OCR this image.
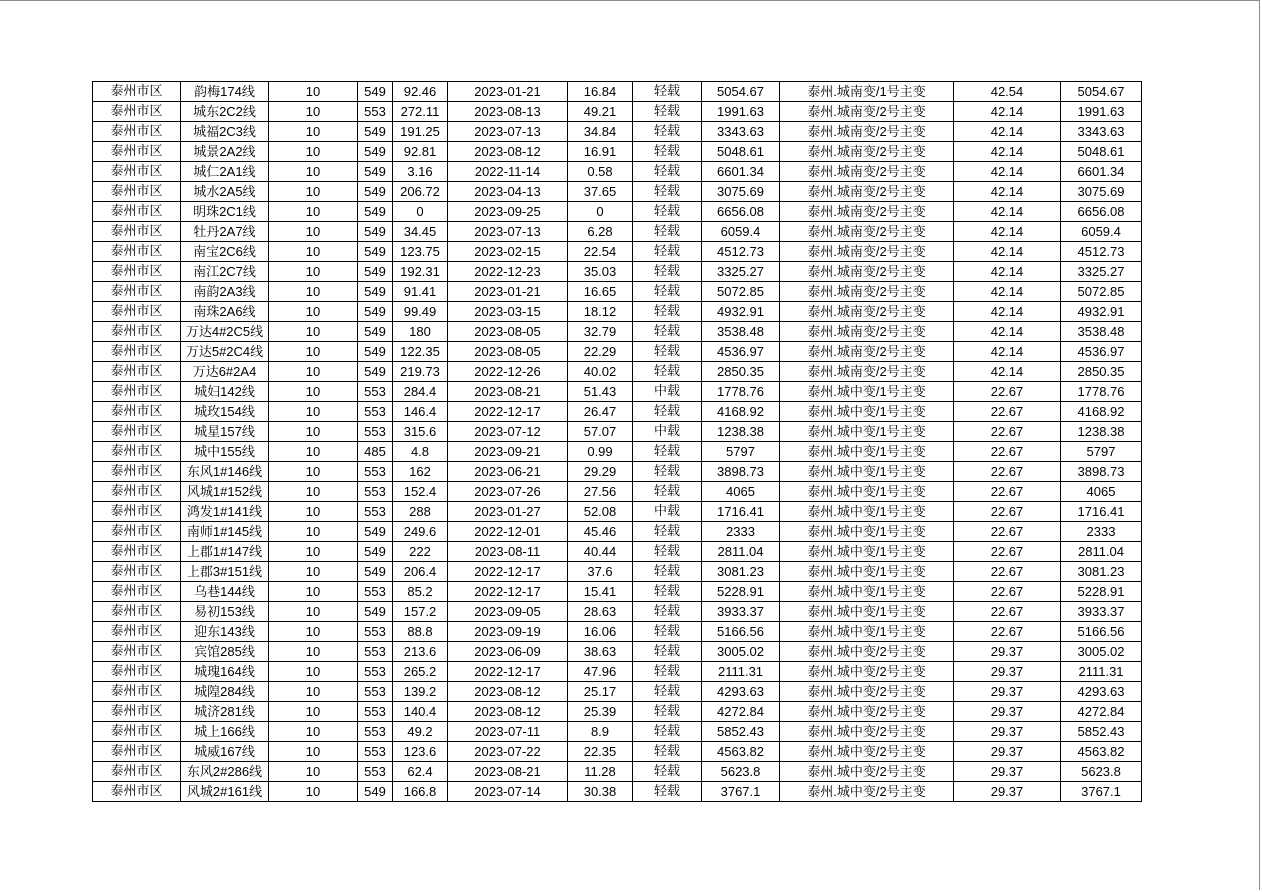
泰州市区	韵梅174线	10	549	92.46	2023-01-21	16.84	轻载	5054.67	泰州.城南变/1号主变	42.54	5054.67
泰州市区	城东2C2线	10	553	272.11	2023-08-13	49.21	轻载	1991.63	泰州.城南变/2号主变	42.14	1991.63
泰州市区	城福2C3线	10	549	191.25	2023-07-13	34.84	轻载	3343.63	泰州.城南变/2号主变	42.14	3343.63
泰州市区	城景2A2线	10	549	92.81	2023-08-12	16.91	轻载	5048.61	泰州.城南变/2号主变	42.14	5048.61
泰州市区	城仁2A1线	10	549	3.16	2022-11-14	0.58	轻载	6601.34	泰州.城南变/2号主变	42.14	6601.34
泰州市区	城水2A5线	10	549	206.72	2023-04-13	37.65	轻载	3075.69	泰州.城南变/2号主变	42.14	3075.69
泰州市区	明珠2C1线	10	549	0	2023-09-25	0	轻载	6656.08	泰州.城南变/2号主变	42.14	6656.08
泰州市区	牡丹2A7线	10	549	34.45	2023-07-13	6.28	轻载	6059.4	泰州.城南变/2号主变	42.14	6059.4
泰州市区	南宝2C6线	10	549	123.75	2023-02-15	22.54	轻载	4512.73	泰州.城南变/2号主变	42.14	4512.73
泰州市区	南江2C7线	10	549	192.31	2022-12-23	35.03	轻载	3325.27	泰州.城南变/2号主变	42.14	3325.27
泰州市区	南韵2A3线	10	549	91.41	2023-01-21	16.65	轻载	5072.85	泰州.城南变/2号主变	42.14	5072.85
泰州市区	南珠2A6线	10	549	99.49	2023-03-15	18.12	轻载	4932.91	泰州.城南变/2号主变	42.14	4932.91
泰州市区	万达4#2C5线	10	549	180	2023-08-05	32.79	轻载	3538.48	泰州.城南变/2号主变	42.14	3538.48
泰州市区	万达5#2C4线	10	549	122.35	2023-08-05	22.29	轻载	4536.97	泰州.城南变/2号主变	42.14	4536.97
泰州市区	万达6#2A4	10	549	219.73	2022-12-26	40.02	轻载	2850.35	泰州.城南变/2号主变	42.14	2850.35
泰州市区	城妇142线	10	553	284.4	2023-08-21	51.43	中载	1778.76	泰州.城中变/1号主变	22.67	1778.76
泰州市区	城玫154线	10	553	146.4	2022-12-17	26.47	轻载	4168.92	泰州.城中变/1号主变	22.67	4168.92
泰州市区	城星157线	10	553	315.6	2023-07-12	57.07	中载	1238.38	泰州.城中变/1号主变	22.67	1238.38
泰州市区	城中155线	10	485	4.8	2023-09-21	0.99	轻载	5797	泰州.城中变/1号主变	22.67	5797
泰州市区	东风1#146线	10	553	162	2023-06-21	29.29	轻载	3898.73	泰州.城中变/1号主变	22.67	3898.73
泰州市区	风城1#152线	10	553	152.4	2023-07-26	27.56	轻载	4065	泰州.城中变/1号主变	22.67	4065
泰州市区	鸿发1#141线	10	553	288	2023-01-27	52.08	中载	1716.41	泰州.城中变/1号主变	22.67	1716.41
泰州市区	南师1#145线	10	549	249.6	2022-12-01	45.46	轻载	2333	泰州.城中变/1号主变	22.67	2333
泰州市区	上郡1#147线	10	549	222	2023-08-11	40.44	轻载	2811.04	泰州.城中变/1号主变	22.67	2811.04
泰州市区	上郡3#151线	10	549	206.4	2022-12-17	37.6	轻载	3081.23	泰州.城中变/1号主变	22.67	3081.23
泰州市区	乌巷144线	10	553	85.2	2022-12-17	15.41	轻载	5228.91	泰州.城中变/1号主变	22.67	5228.91
泰州市区	易初153线	10	549	157.2	2023-09-05	28.63	轻载	3933.37	泰州.城中变/1号主变	22.67	3933.37
泰州市区	迎东143线	10	553	88.8	2023-09-19	16.06	轻载	5166.56	泰州.城中变/1号主变	22.67	5166.56
泰州市区	宾馆285线	10	553	213.6	2023-06-09	38.63	轻载	3005.02	泰州.城中变/2号主变	29.37	3005.02
泰州市区	城瑰164线	10	553	265.2	2022-12-17	47.96	轻载	2111.31	泰州.城中变/2号主变	29.37	2111.31
泰州市区	城隍284线	10	553	139.2	2023-08-12	25.17	轻载	4293.63	泰州.城中变/2号主变	29.37	4293.63
泰州市区	城济281线	10	553	140.4	2023-08-12	25.39	轻载	4272.84	泰州.城中变/2号主变	29.37	4272.84
泰州市区	城上166线	10	553	49.2	2023-07-11	8.9	轻载	5852.43	泰州.城中变/2号主变	29.37	5852.43
泰州市区	城威167线	10	553	123.6	2023-07-22	22.35	轻载	4563.82	泰州.城中变/2号主变	29.37	4563.82
泰州市区	东风2#286线	10	553	62.4	2023-08-21	11.28	轻载	5623.8	泰州.城中变/2号主变	29.37	5623.8
泰州市区	风城2#161线	10	549	166.8	2023-07-14	30.38	轻载	3767.1	泰州.城中变/2号主变	29.37	3767.1
